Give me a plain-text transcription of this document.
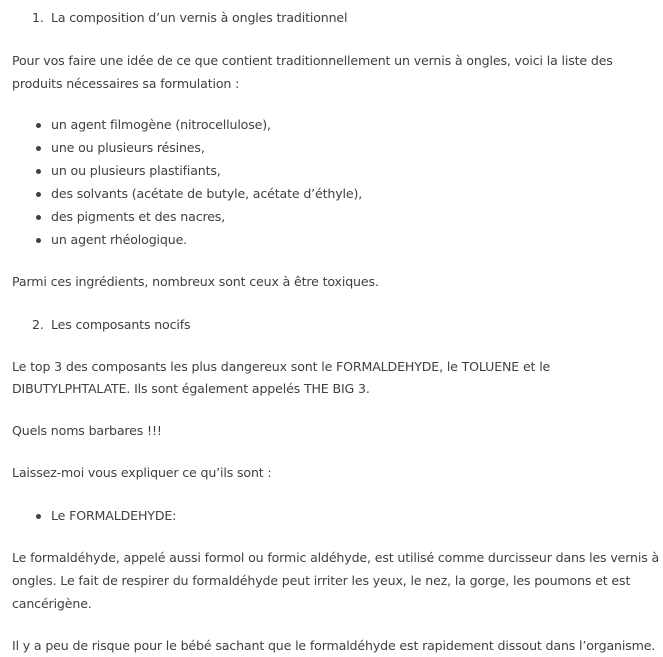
1. La composition d’un vernis à ongles traditionnel
Pour vos faire une idée de ce que contient traditionnellement un vernis à ongles, voici la liste des
produits nécessaires sa formulation :
un agent filmogène (nitrocellulose),
une ou plusieurs résines,
un ou plusieurs plastifiants,
des solvants (acétate de butyle, acétate d’éthyle),
des pigments et des nacres,
un agent rhéologique.
Parmi ces ingrédients, nombreux sont ceux à être toxiques.
2. Les composants nocifs
Le top 3 des composants les plus dangereux sont le FORMALDEHYDE, le TOLUENE et le
DIBUTYLPHTALATE. Ils sont également appelés THE BIG 3.
Quels noms barbares !!!
Laissez-moi vous expliquer ce qu’ils sont :
Le FORMALDEHYDE:
Le formaldéhyde, appelé aussi formol ou formic aldéhyde, est utilisé comme durcisseur dans les vernis à
ongles. Le fait de respirer du formaldéhyde peut irriter les yeux, le nez, la gorge, les poumons et est
cancérigène.
Il y a peu de risque pour le bébé sachant que le formaldéhyde est rapidement dissout dans l’organisme.
